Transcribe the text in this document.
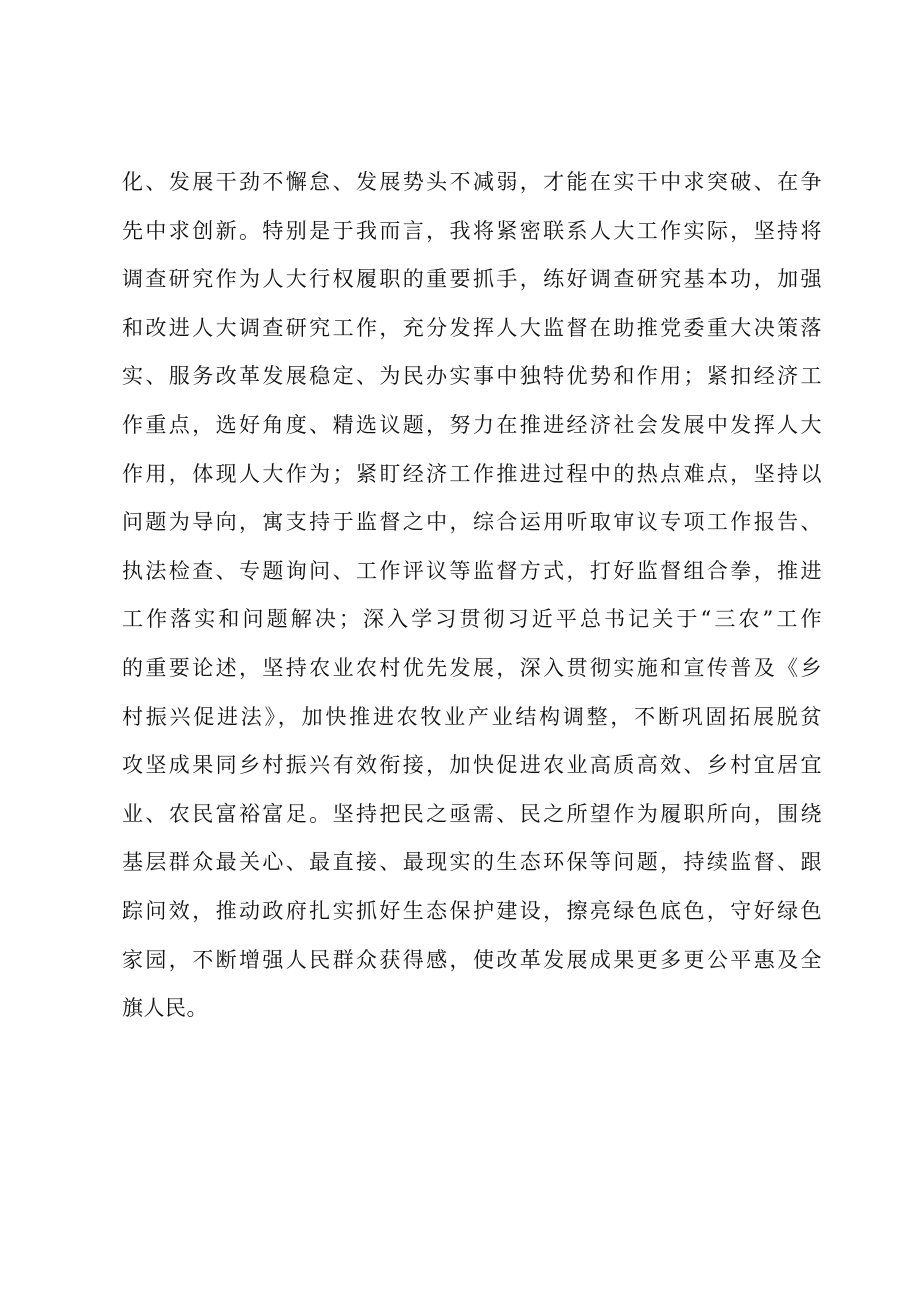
化、发展干劲不懈怠、发展势头不减弱，才能在实干中求突破、在争
先中求创新。特别是于我而言，我将紧密联系人大工作实际，坚持将
调查研究作为人大行权履职的重要抓手，练好调查研究基本功，加强
和改进人大调查研究工作，充分发挥人大监督在助推党委重大决策落
实、服务改革发展稳定、为民办实事中独特优势和作用；紧扣经济工
作重点，选好角度、精选议题，努力在推进经济社会发展中发挥人大
作用，体现人大作为；紧盯经济工作推进过程中的热点难点，坚持以
问题为导向，寓支持于监督之中，综合运用听取审议专项工作报告、
执法检查、专题询问、工作评议等监督方式，打好监督组合拳，推进
工作落实和问题解决；深入学习贯彻习近平总书记关于“三农”工作
的重要论述，坚持农业农村优先发展，深入贯彻实施和宣传普及《乡
村振兴促进法》，加快推进农牧业产业结构调整，不断巩固拓展脱贫
攻坚成果同乡村振兴有效衔接，加快促进农业高质高效、乡村宜居宜
业、农民富裕富足。坚持把民之亟需、民之所望作为履职所向，围绕
基层群众最关心、最直接、最现实的生态环保等问题，持续监督、跟
踪问效，推动政府扎实抓好生态保护建设，擦亮绿色底色，守好绿色
家园，不断增强人民群众获得感，使改革发展成果更多更公平惠及全
旗人民。
